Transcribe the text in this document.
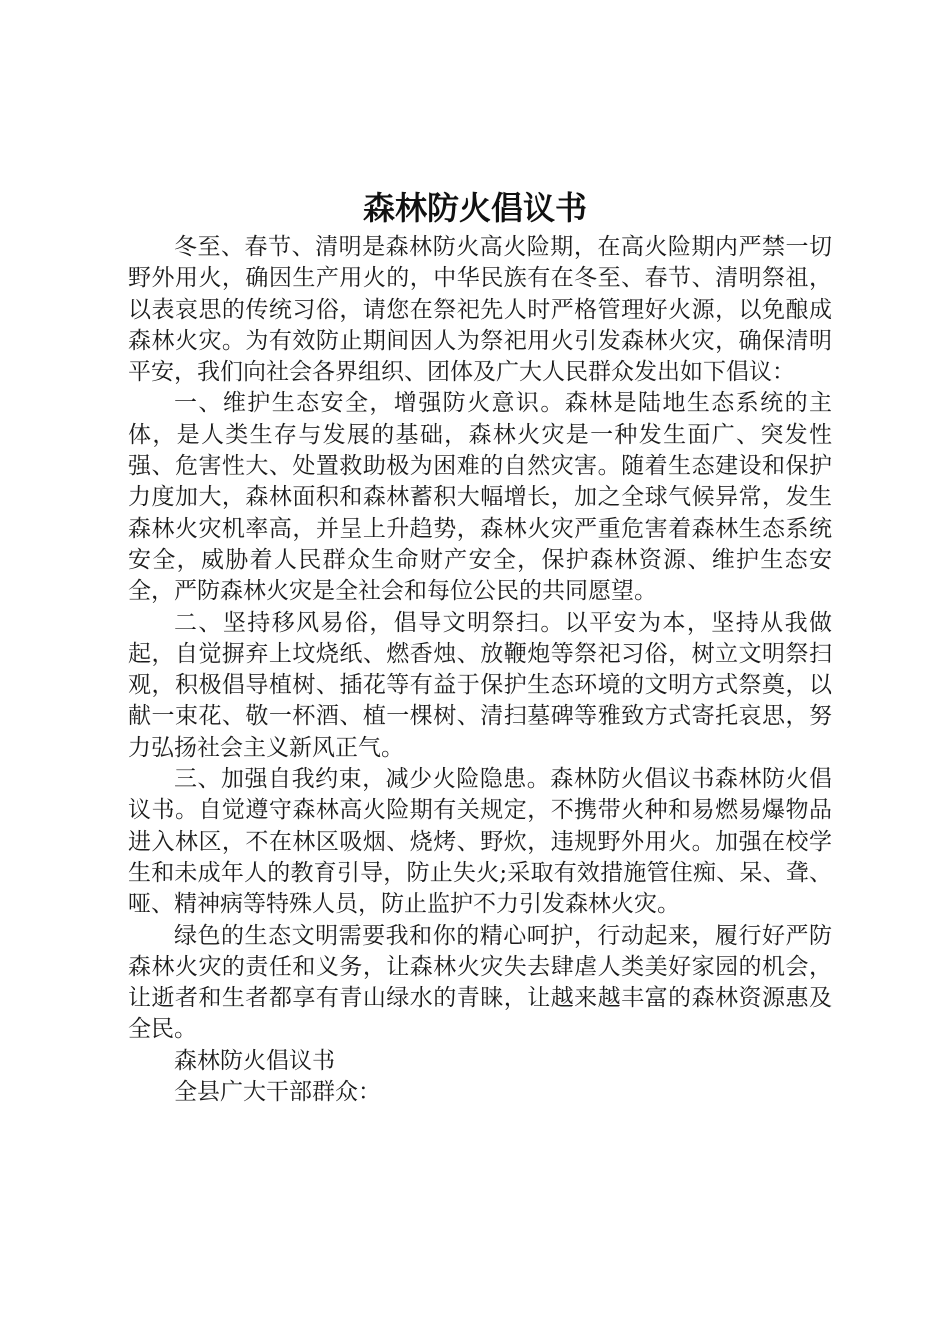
森林防火倡议书

冬至、春节、清明是森林防火高火险期，在高火险期内严禁一切野外用火，确因生产用火的，中华民族有在冬至、春节、清明祭祖，以表哀思的传统习俗，请您在祭祀先人时严格管理好火源，以免酿成森林火灾。为有效防止期间因人为祭祀用火引发森林火灾，确保清明平安，我们向社会各界组织、团体及广大人民群众发出如下倡议：

一、维护生态安全，增强防火意识。森林是陆地生态系统的主体，是人类生存与发展的基础，森林火灾是一种发生面广、突发性强、危害性大、处置救助极为困难的自然灾害。随着生态建设和保护力度加大，森林面积和森林蓄积大幅增长，加之全球气候异常，发生森林火灾机率高，并呈上升趋势，森林火灾严重危害着森林生态系统安全，威胁着人民群众生命财产安全，保护森林资源、维护生态安全，严防森林火灾是全社会和每位公民的共同愿望。

二、坚持移风易俗，倡导文明祭扫。以平安为本，坚持从我做起，自觉摒弃上坟烧纸、燃香烛、放鞭炮等祭祀习俗，树立文明祭扫观，积极倡导植树、插花等有益于保护生态环境的文明方式祭奠，以献一束花、敬一杯酒、植一棵树、清扫墓碑等雅致方式寄托哀思，努力弘扬社会主义新风正气。

三、加强自我约束，减少火险隐患。森林防火倡议书森林防火倡议书。自觉遵守森林高火险期有关规定，不携带火种和易燃易爆物品进入林区，不在林区吸烟、烧烤、野炊，违规野外用火。加强在校学生和未成年人的教育引导，防止失火;采取有效措施管住痴、呆、聋、哑、精神病等特殊人员，防止监护不力引发森林火灾。

绿色的生态文明需要我和你的精心呵护，行动起来，履行好严防森林火灾的责任和义务，让森林火灾失去肆虐人类美好家园的机会，让逝者和生者都享有青山绿水的青睐，让越来越丰富的森林资源惠及全民。

森林防火倡议书

全县广大干部群众：
